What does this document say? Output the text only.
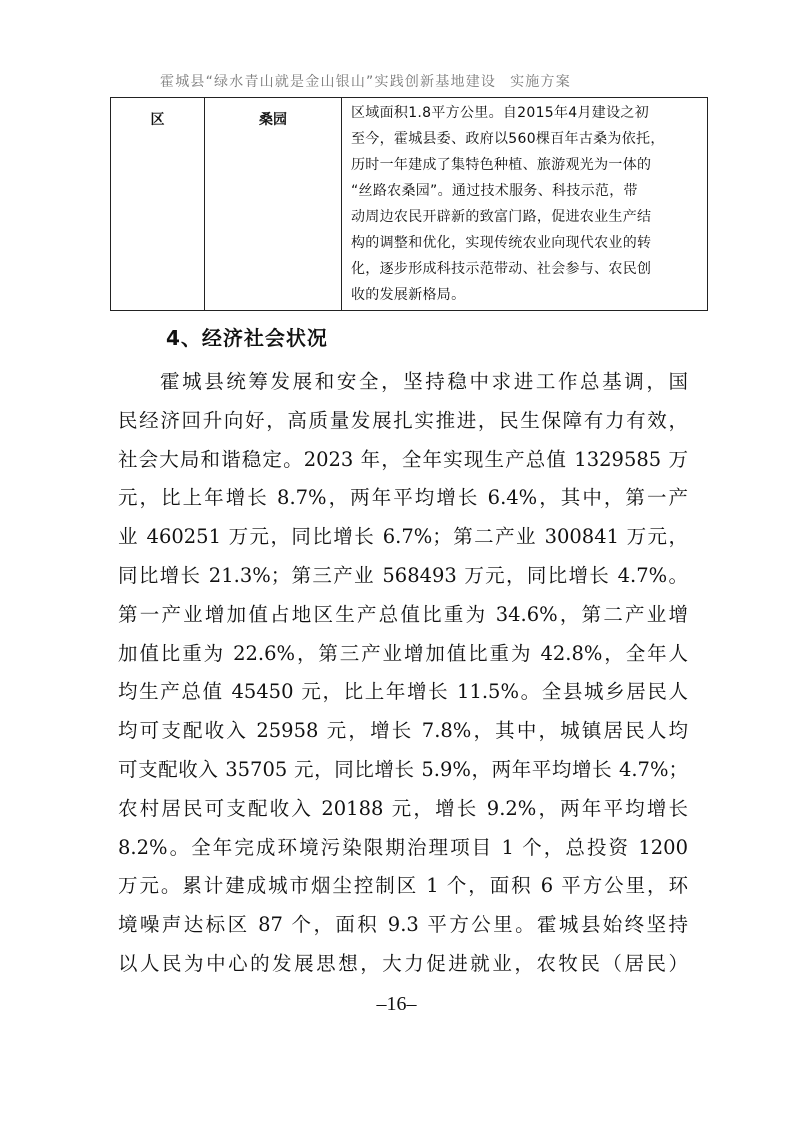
霍城县“绿水青山就是金山银山”实践创新基地建设 实施方案
区	桑园	区域面积1.8平方公里。自2015年4月建设之初
至今，霍城县委、政府以560棵百年古桑为依托，
历时一年建成了集特色种植、旅游观光为一体的
“丝路农桑园”。通过技术服务、科技示范，带
动周边农民开辟新的致富门路，促进农业生产结
构的调整和优化，实现传统农业向现代农业的转
化，逐步形成科技示范带动、社会参与、农民创
收的发展新格局。
4、经济社会状况
霍城县统筹发展和安全，坚持稳中求进工作总基调，国
民经济回升向好，高质量发展扎实推进，民生保障有力有效，
社会大局和谐稳定。2023 年，全年实现生产总值 1329585 万
元，比上年增长 8.7%，两年平均增长 6.4%，其中，第一产
业 460251 万元，同比增长 6.7%；第二产业 300841 万元，
同比增长 21.3%；第三产业 568493 万元，同比增长 4.7%。
第一产业增加值占地区生产总值比重为 34.6%，第二产业增
加值比重为 22.6%，第三产业增加值比重为 42.8%，全年人
均生产总值 45450 元，比上年增长 11.5%。全县城乡居民人
均可支配收入 25958 元，增长 7.8%，其中，城镇居民人均
可支配收入 35705 元，同比增长 5.9%，两年平均增长 4.7%；
农村居民可支配收入 20188 元，增长 9.2%，两年平均增长
8.2%。全年完成环境污染限期治理项目 1 个，总投资 1200
万元。累计建成城市烟尘控制区 1 个，面积 6 平方公里，环
境噪声达标区 87 个，面积 9.3 平方公里。霍城县始终坚持
以人民为中心的发展思想，大力促进就业，农牧民（居民）
–16–
